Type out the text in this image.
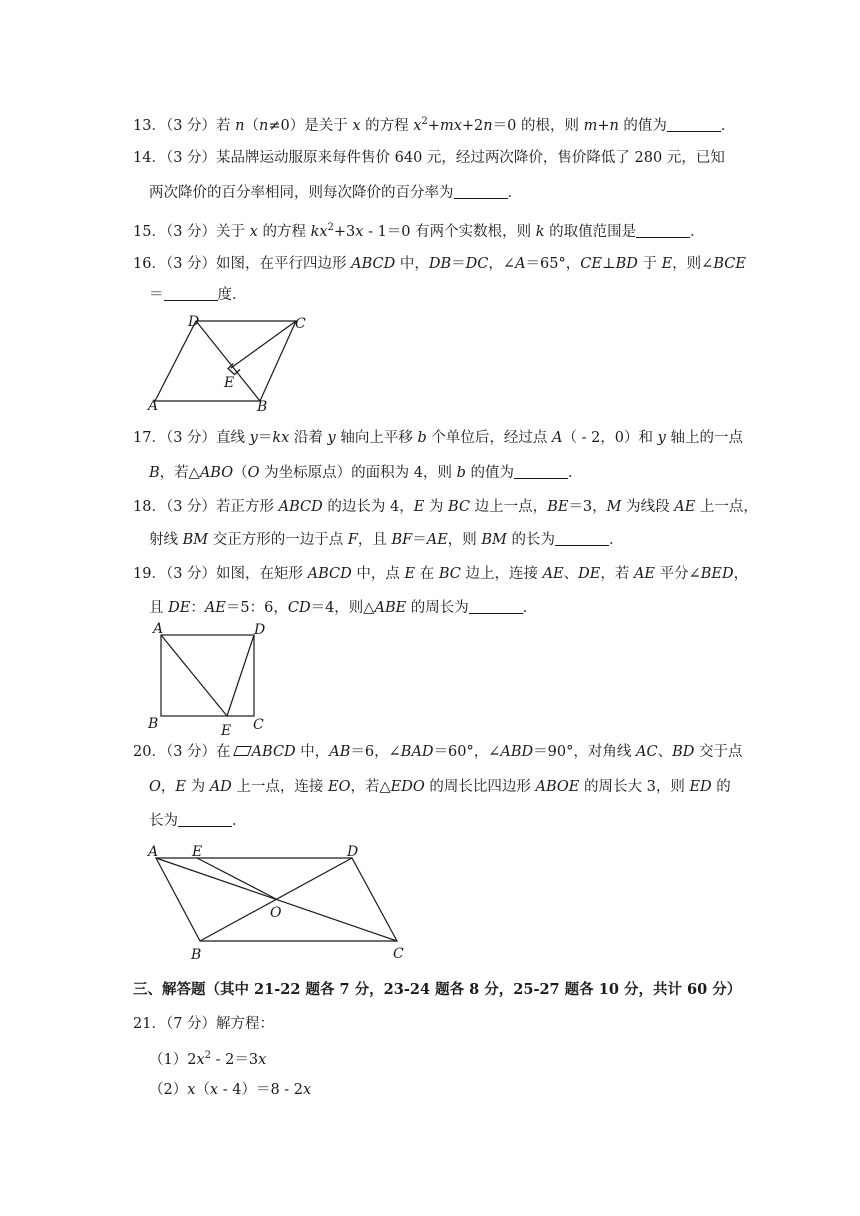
13．（3 分）若 n（n≠0）是关于 x 的方程 $x^2+mx+2n=0$ 的根，则 m+n 的值为	．
14．（3 分）某品牌运动服原来每件售价 640 元，经过两次降价，售价降低了 280 元，已知
两次降价的百分率相同，则每次降价的百分率为	．
15．（3 分）关于 x 的方程 $kx^2+3x - 1=0$ 有两个实数根，则 k 的取值范围是	．
16．（3 分）如图，在平行四边形 ABCD 中，DB＝DC，∠A＝65°，CE⊥BD 于 E，则∠BCE
＝	度．
D	C
A	B
E
17．（3 分）直线 y＝kx 沿着 y 轴向上平移 b 个单位后，经过点 A（ - 2，0）和 y 轴上的一点
B，若△ABO（O 为坐标原点）的面积为 4，则 b 的值为	．
18．（3 分）若正方形 ABCD 的边长为 4，E 为 BC 边上一点，BE＝3，M 为线段 AE 上一点，
射线 BM 交正方形的一边于点 F，且 BF＝AE，则 BM 的长为	．
19．（3 分）如图，在矩形 ABCD 中，点 E 在 BC 边上，连接 AE、DE，若 AE 平分∠BED，
且 DE：AE＝5：6，CD＝4，则△ABE 的周长为	．
A	D
B	C
E
20．（3 分）在 ABCD 中，AB＝6，∠BAD＝60°，∠ABD＝90°，对角线 AC、BD 交于点
O，E 为 AD 上一点，连接 EO，若△EDO 的周长比四边形 ABOE 的周长大 3，则 ED 的
长为	．
A E	D
O
B	C
三、解答题（其中 21-22 题各 7 分，23-24 题各 8 分，25-27 题各 10 分，共计 60 分）
21．（7 分）解方程：
$(1)2x^2 - 2=3x$
（2）x（x - 4）＝8 - 2x
